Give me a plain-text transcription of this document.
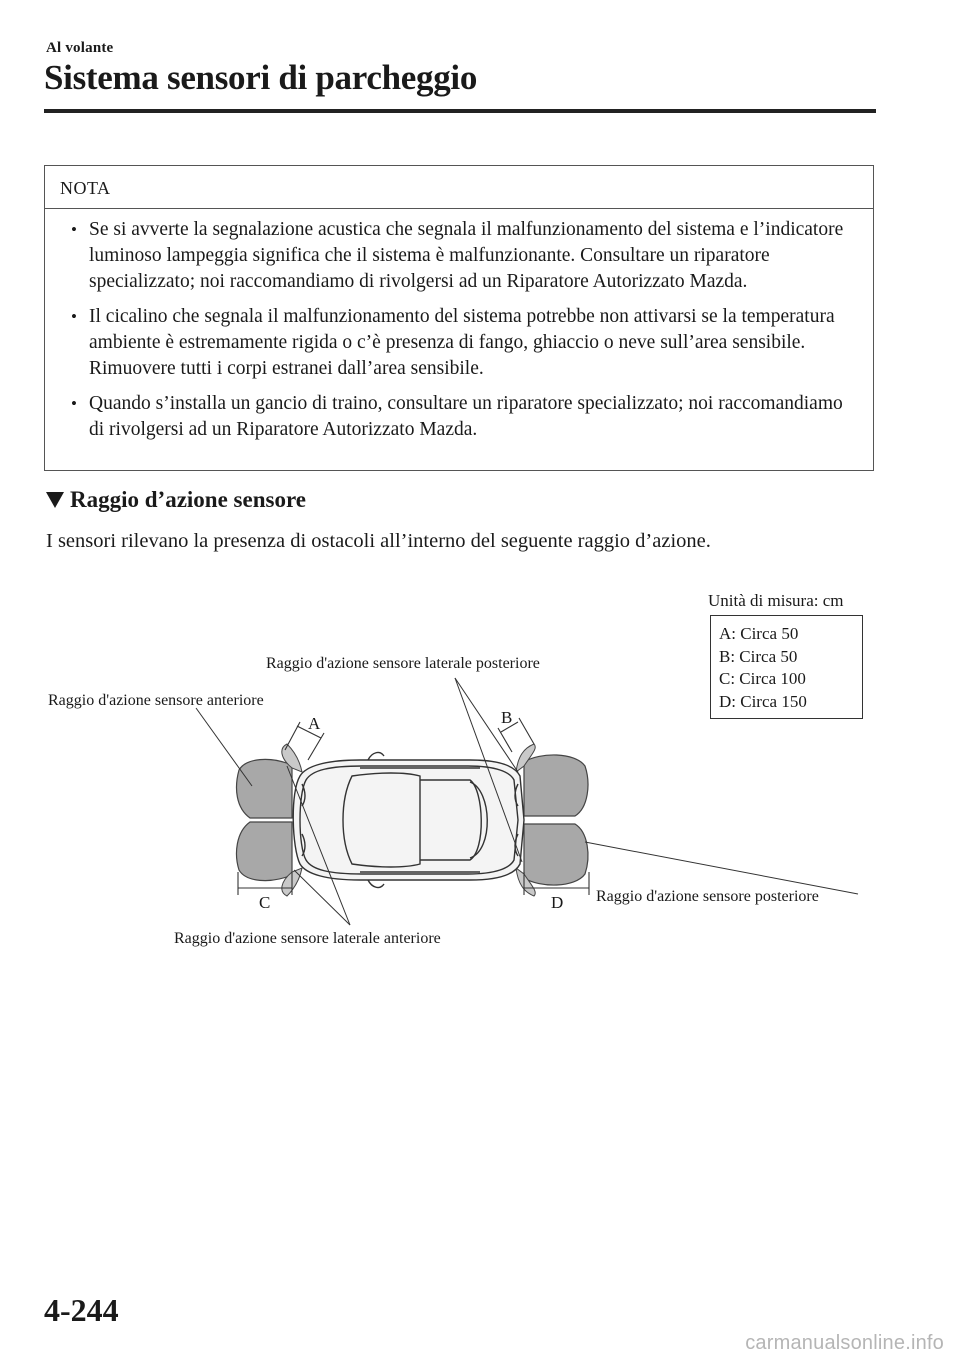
Al volante
Sistema sensori di parcheggio
NOTA
• Se si avverte la segnalazione acustica che segnala il malfunzionamento del sistema e l’indicatore luminoso lampeggia significa che il sistema è malfunzionante. Consultare un riparatore specializzato; noi raccomandiamo di rivolgersi ad un Riparatore Autorizzato Mazda.
• Il cicalino che segnala il malfunzionamento del sistema potrebbe non attivarsi se la temperatura ambiente è estremamente rigida o c’è presenza di fango, ghiaccio o neve sull’area sensibile. Rimuovere tutti i corpi estranei dall’area sensibile.
• Quando s’installa un gancio di traino, consultare un riparatore specializzato; noi raccomandiamo di rivolgersi ad un Riparatore Autorizzato Mazda.
Raggio d’azione sensore
I sensori rilevano la presenza di ostacoli all’interno del seguente raggio d’azione.
Unità di misura: cm
A: Circa 50
B: Circa 50
C: Circa 100
D: Circa 150
Raggio d'azione sensore laterale posteriore
Raggio d'azione sensore anteriore
Raggio d'azione sensore posteriore
Raggio d'azione sensore laterale anteriore
A	B
C	D
4-244
carmanualsonline.info
